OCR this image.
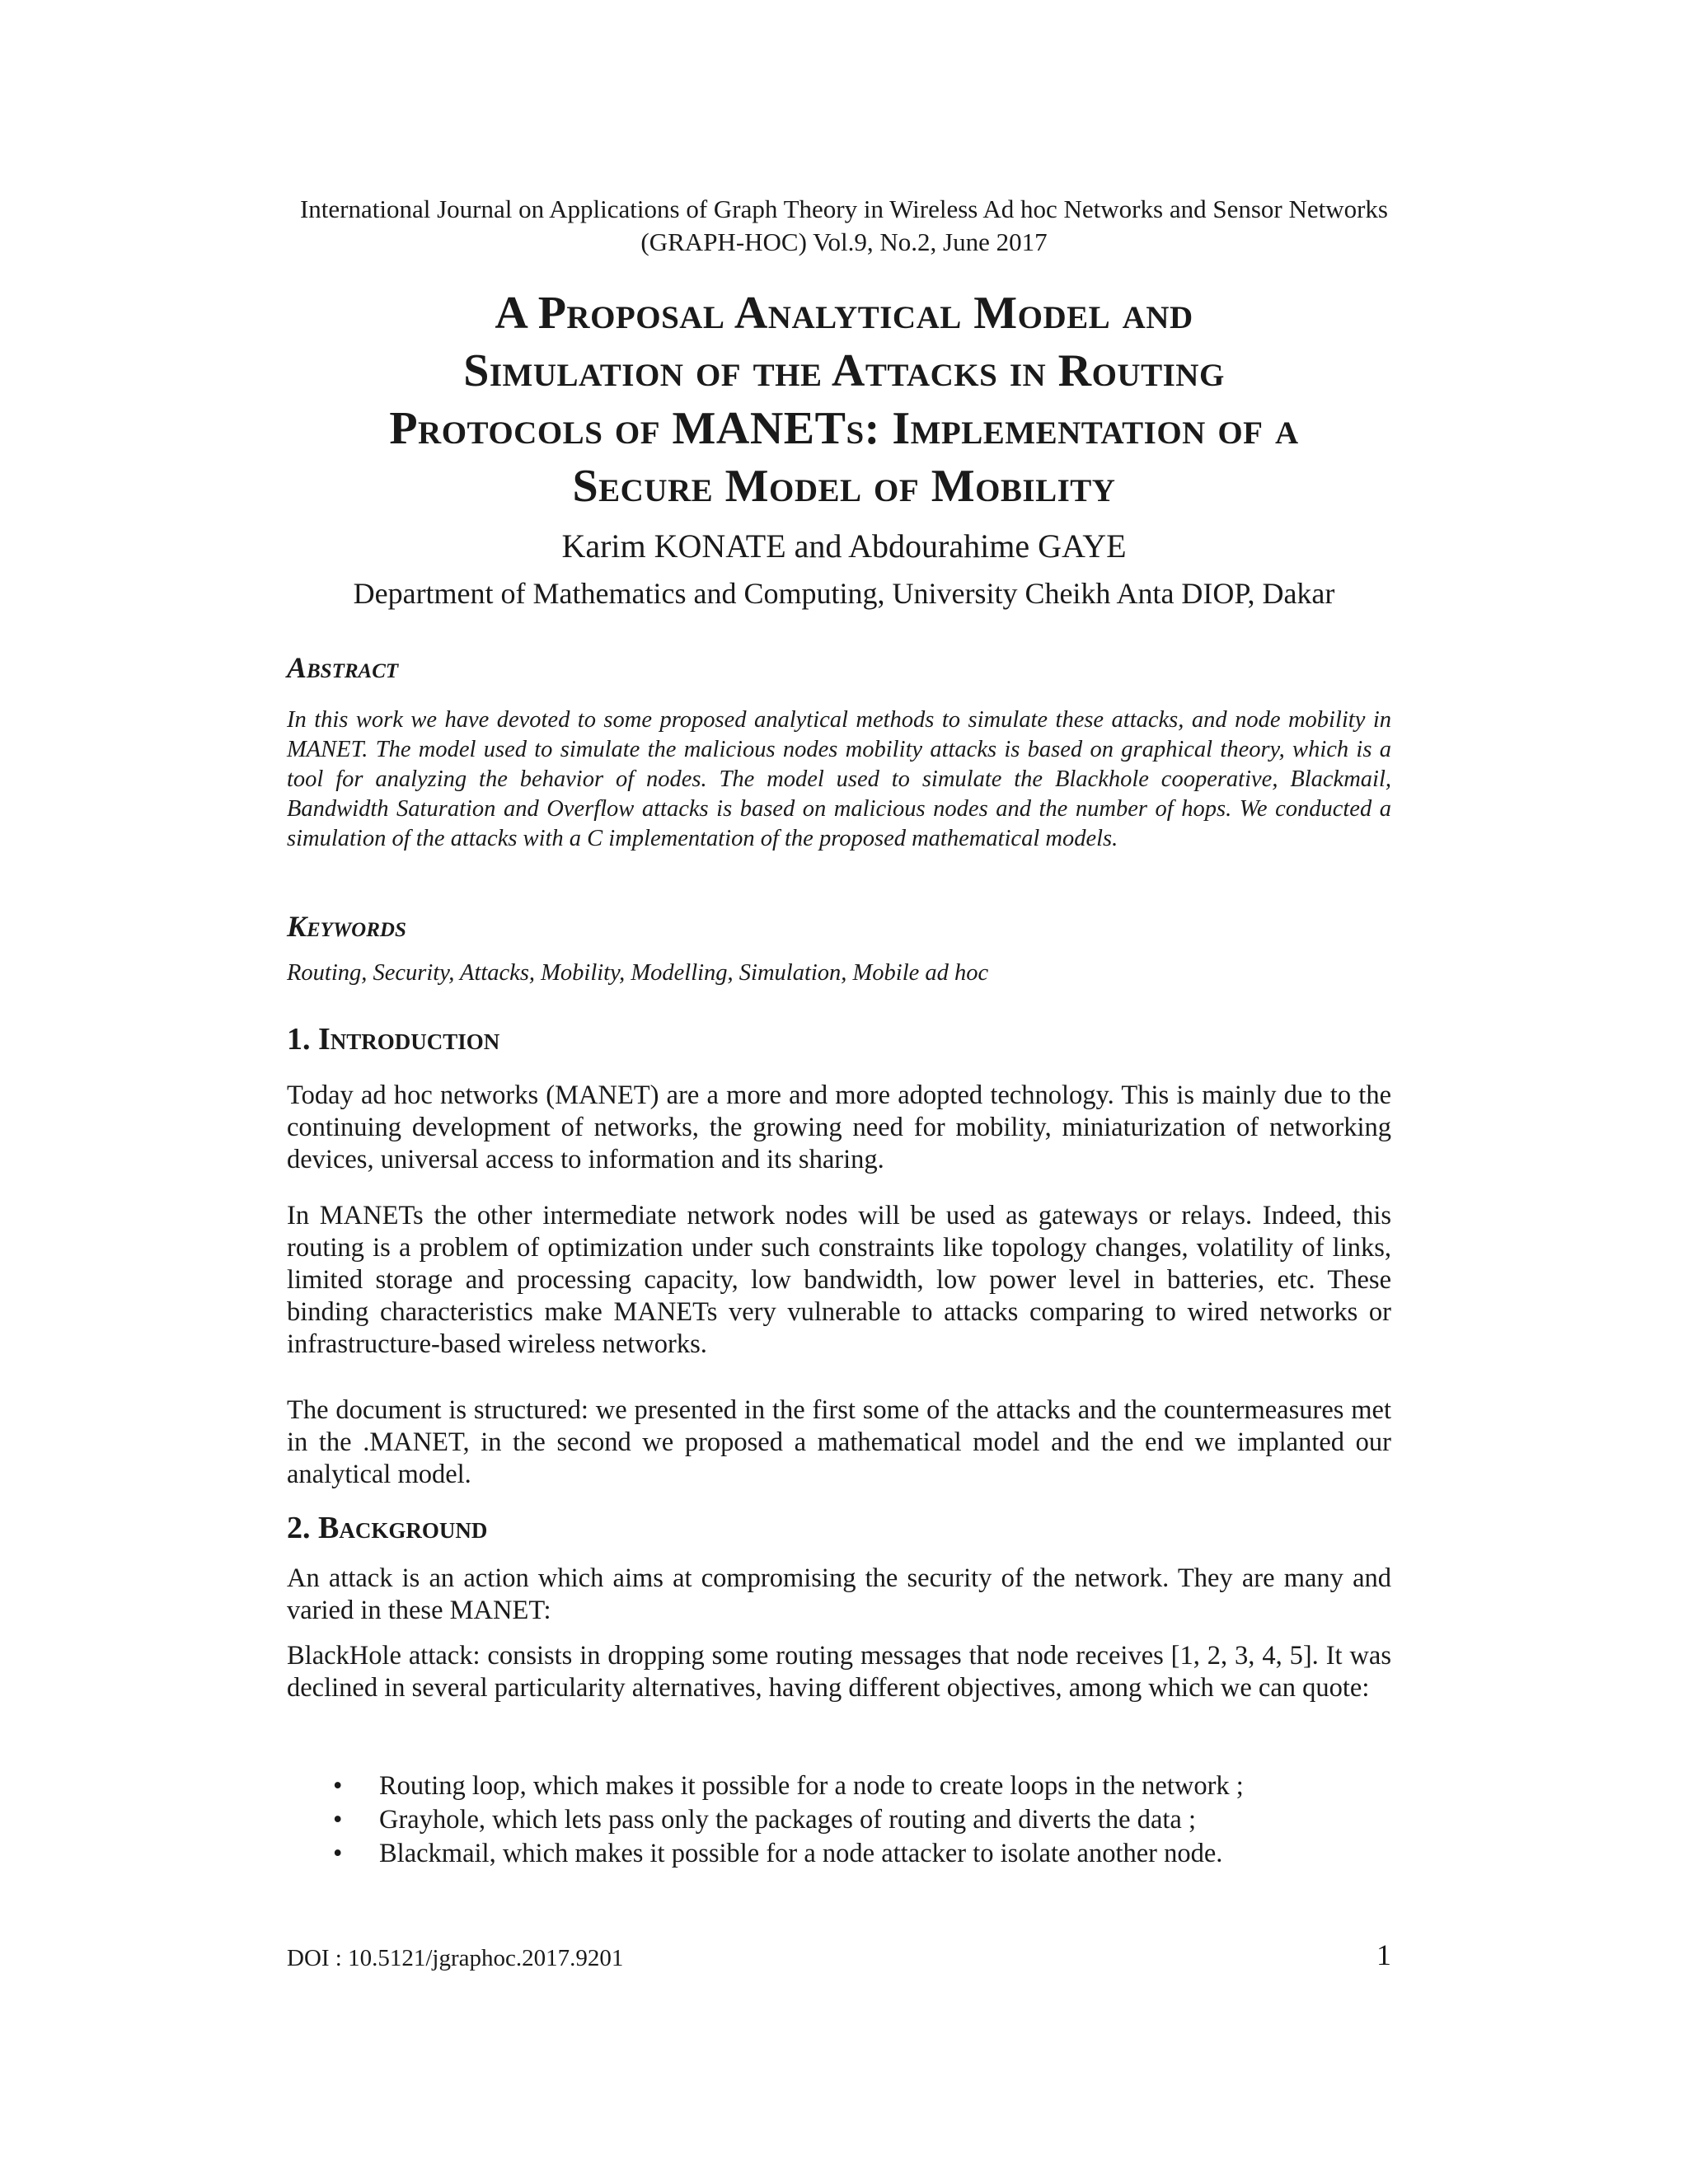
International Journal on Applications of Graph Theory in Wireless Ad hoc Networks and Sensor Networks
(GRAPH-HOC) Vol.9, No.2, June 2017
A Proposal Analytical Model and
Simulation of the Attacks in Routing
Protocols of MANETs: Implementation of a
Secure Model of Mobility
Karim KONATE and Abdourahime GAYE
Department of Mathematics and Computing, University Cheikh Anta DIOP, Dakar
Abstract
In this work we have devoted to some proposed analytical methods to simulate these attacks, and node mobility in MANET. The model used to simulate the malicious nodes mobility attacks is based on graphical theory, which is a tool for analyzing the behavior of nodes. The model used to simulate the Blackhole cooperative, Blackmail, Bandwidth Saturation and Overflow attacks is based on malicious nodes and the number of hops. We conducted a simulation of the attacks with a C implementation of the proposed mathematical models.
Keywords
Routing, Security, Attacks, Mobility, Modelling, Simulation, Mobile ad hoc
1. Introduction
Today ad hoc networks (MANET) are a more and more adopted technology. This is mainly due to the continuing development of networks, the growing need for mobility, miniaturization of networking devices, universal access to information and its sharing.
In MANETs the other intermediate network nodes will be used as gateways or relays. Indeed, this routing is a problem of optimization under such constraints like topology changes, volatility of links, limited storage and processing capacity, low bandwidth, low power level in batteries, etc. These binding characteristics make MANETs very vulnerable to attacks comparing to wired networks or infrastructure-based wireless networks.
The document is structured: we presented in the first some of the attacks and the countermeasures met in the .MANET, in the second we proposed a mathematical model and the end we implanted our analytical model.
2. Background
An attack is an action which aims at compromising the security of the network. They are many and varied in these MANET:
BlackHole attack: consists in dropping some routing messages that node receives [1, 2, 3, 4, 5]. It was declined in several particularity alternatives, having different objectives, among which we can quote:
• Routing loop, which makes it possible for a node to create loops in the network ;
• Grayhole, which lets pass only the packages of routing and diverts the data ;
• Blackmail, which makes it possible for a node attacker to isolate another node.
DOI : 10.5121/jgraphoc.2017.9201	1
